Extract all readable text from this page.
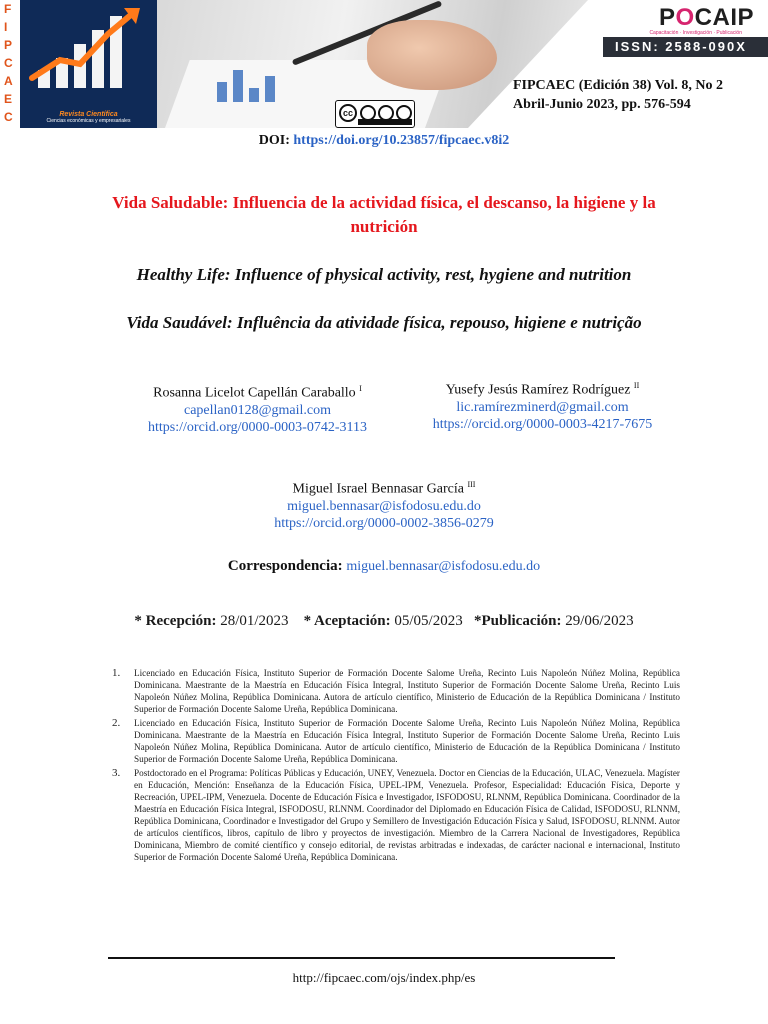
F
I
P
C
A
E
C	Revista Científica
Ciencias económicas y empresariales
POCAIP
Capacitación · Investigación · Publicación
ISSN: 2588-090X
FIPCAEC (Edición 38) Vol. 8, No 2
Abril-Junio 2023, pp. 576-594
cc
DOI: https://doi.org/10.23857/fipcaec.v8i2
Vida Saludable: Influencia de la actividad física, el descanso, la higiene y la nutrición
Healthy Life: Influence of physical activity, rest, hygiene and nutrition
Vida Saudável: Influência da atividade física, repouso, higiene e nutrição
Rosanna Licelot Capellán Caraballo $^I$
capellan0128@gmail.com
https://orcid.org/0000-0003-0742-3113
Yusefy Jesús Ramírez Rodríguez $^{II}$
lic.ramírezminerd@gmail.com
https://orcid.org/0000-0003-4217-7675
Miguel Israel Bennasar García $^{III}$
miguel.bennasar@isfodosu.edu.do
https://orcid.org/0000-0002-3856-0279
Correspondencia: miguel.bennasar@isfodosu.edu.do
* Recepción: 28/01/2023 * Aceptación: 05/05/2023 *Publicación: 29/06/2023
1. Licenciado en Educación Física, Instituto Superior de Formación Docente Salome Ureña, Recinto Luis Napoleón Núñez Molina, República Dominicana. Maestrante de la Maestría en Educación Física Integral, Instituto Superior de Formación Docente Salome Ureña, Recinto Luis Napoleón Núñez Molina, República Dominicana. Autora de artículo científico, Ministerio de Educación de la República Dominicana / Instituto Superior de Formación Docente Salome Ureña, República Dominicana.
2. Licenciado en Educación Física, Instituto Superior de Formación Docente Salome Ureña, Recinto Luis Napoleón Núñez Molina, República Dominicana. Maestrante de la Maestría en Educación Física Integral, Instituto Superior de Formación Docente Salome Ureña, Recinto Luis Napoleón Núñez Molina, República Dominicana. Autor de artículo científico, Ministerio de Educación de la República Dominicana / Instituto Superior de Formación Docente Salome Ureña, República Dominicana.
3. Postdoctorado en el Programa: Políticas Públicas y Educación, UNEY, Venezuela. Doctor en Ciencias de la Educación, ULAC, Venezuela. Magíster en Educación, Mención: Enseñanza de la Educación Física, UPEL-IPM, Venezuela. Profesor, Especialidad: Educación Física, Deporte y Recreación, UPEL-IPM, Venezuela. Docente de Educación Física e Investigador, ISFODOSU, RLNNM, República Dominicana. Coordinador de la Maestría en Educación Física Integral, ISFODOSU, RLNNM. Coordinador del Diplomado en Educación Física de Calidad, ISFODOSU, RLNNM, República Dominicana, Coordinador e Investigador del Grupo y Semillero de Investigación Educación Física y Salud, ISFODOSU, RLNNM. Autor de artículos científicos, libros, capítulo de libro y proyectos de investigación. Miembro de la Carrera Nacional de Investigadores, República Dominicana, Miembro de comité científico y consejo editorial, de revistas arbitradas e indexadas, de carácter nacional e internacional, Instituto Superior de Formación Docente Salomé Ureña, República Dominicana.
http://fipcaec.com/ojs/index.php/es
